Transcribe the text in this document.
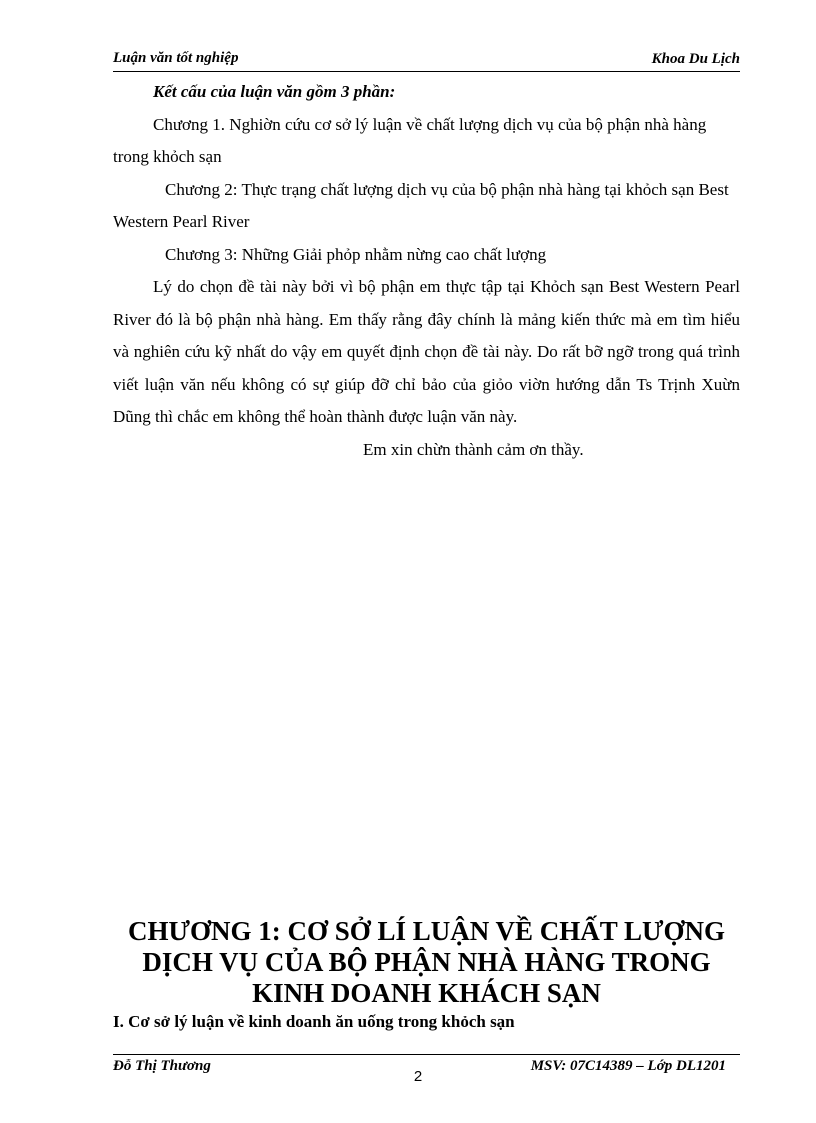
Luận văn tốt nghiệp	Khoa Du Lịch

Kết cấu của luận văn gồm 3 phần:

Chương 1. Nghiờn cứu cơ sở lý luận về chất lượng dịch vụ của bộ phận nhà hàng trong khỏch sạn

Chương 2: Thực trạng chất lượng dịch vụ của bộ phận nhà hàng tại khỏch sạn Best Western Pearl River

Chương 3: Những Giải phỏp nhằm nừng cao chất lượng

Lý do chọn đề tài này bởi vì bộ phận em thực tập tại Khỏch sạn Best Western Pearl River đó là bộ phận nhà hàng. Em thấy rằng đây chính là mảng kiến thức mà em tìm hiểu và nghiên cứu kỹ nhất do vậy em quyết định chọn đề tài này. Do rất bỡ ngỡ trong quá trình viết luận văn nếu không có sự giúp đỡ chỉ bảo của giỏo viờn hướng dẫn Ts Trịnh Xuừn Dũng thì chắc em không thể hoàn thành được luận văn này.

Em xin chừn thành cảm ơn thầy.

CHƯƠNG 1: CƠ SỞ LÍ LUẬN VỀ CHẤT LƯỢNG
DỊCH VỤ CỦA BỘ PHẬN NHÀ HÀNG TRONG
KINH DOANH KHÁCH SẠN
I. Cơ sở lý luận về kinh doanh ăn uống trong khỏch sạn
Đỗ Thị Thương	MSV: 07C14389 – Lớp DL1201
2
